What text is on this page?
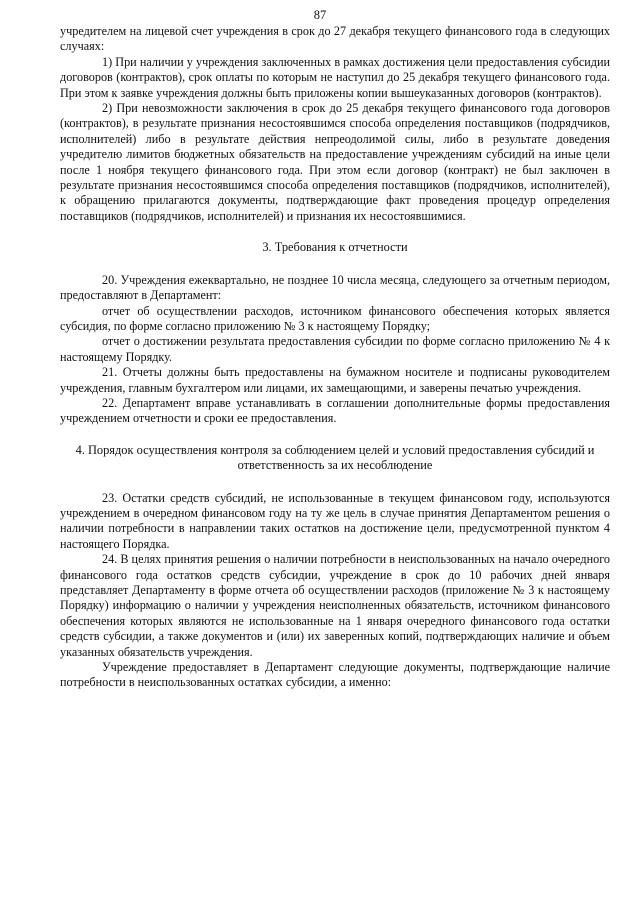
87

учредителем на лицевой счет учреждения в срок до 27 декабря текущего финансового года в следующих случаях:

1) При наличии у учреждения заключенных в рамках достижения цели предоставления субсидии договоров (контрактов), срок оплаты по которым не наступил до 25 декабря текущего финансового года. При этом к заявке учреждения должны быть приложены копии вышеуказанных договоров (контрактов).

2) При невозможности заключения в срок до 25 декабря текущего финансового года договоров (контрактов), в результате признания несостоявшимся способа определения поставщиков (подрядчиков, исполнителей) либо в результате действия непреодолимой силы, либо в результате доведения учредителю лимитов бюджетных обязательств на предоставление учреждениям субсидий на иные цели после 1 ноября текущего финансового года. При этом если договор (контракт) не был заключен в результате признания несостоявшимся способа определения поставщиков (подрядчиков, исполнителей), к обращению прилагаются документы, подтверждающие факт проведения процедур определения поставщиков (подрядчиков, исполнителей) и признания их несостоявшимися.

3. Требования к отчетности

20. Учреждения ежеквартально, не позднее 10 числа месяца, следующего за отчетным периодом, предоставляют в Департамент:

отчет об осуществлении расходов, источником финансового обеспечения которых является субсидия, по форме согласно приложению № 3 к настоящему Порядку;

отчет о достижении результата предоставления субсидии по форме согласно приложению № 4 к настоящему Порядку.

21. Отчеты должны быть предоставлены на бумажном носителе и подписаны руководителем учреждения, главным бухгалтером или лицами, их замещающими, и заверены печатью учреждения.

22. Департамент вправе устанавливать в соглашении дополнительные формы предоставления учреждением отчетности и сроки ее предоставления.

4. Порядок осуществления контроля за соблюдением целей и условий предоставления субсидий и ответственность за их несоблюдение

23. Остатки средств субсидий, не использованные в текущем финансовом году, используются учреждением в очередном финансовом году на ту же цель в случае принятия Департаментом решения о наличии потребности в направлении таких остатков на достижение цели, предусмотренной пунктом 4 настоящего Порядка.

24. В целях принятия решения о наличии потребности в неиспользованных на начало очередного финансового года остатков средств субсидии, учреждение в срок до 10 рабочих дней января представляет Департаменту в форме отчета об осуществлении расходов (приложение № 3 к настоящему Порядку) информацию о наличии у учреждения неисполненных обязательств, источником финансового обеспечения которых являются не использованные на 1 января очередного финансового года остатки средств субсидии, а также документов и (или) их заверенных копий, подтверждающих наличие и объем указанных обязательств учреждения.

Учреждение предоставляет в Департамент следующие документы, подтверждающие наличие потребности в неиспользованных остатках субсидии, а именно:
